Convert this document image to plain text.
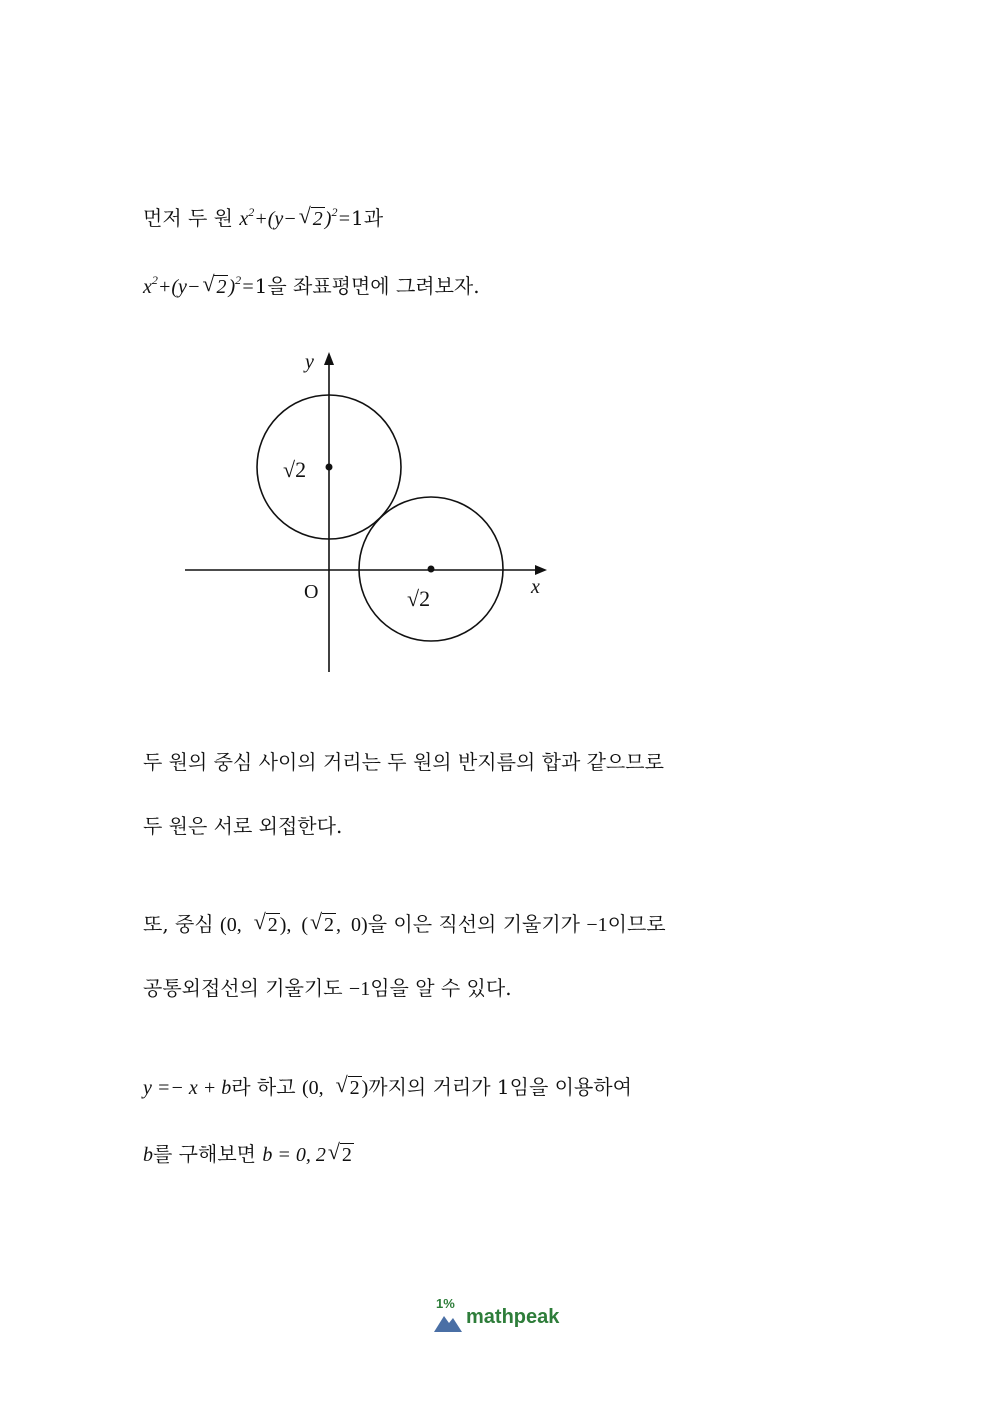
먼저 두 원 $x^2+(y-$ √ 2 )$^2$=1과
$x^2+(y-$ √ 2 )$^2$=1을 좌표평면에 그려보자.
y
x
O
√2
√2
두 원의 중심 사이의 거리는 두 원의 반지름의 합과 같으므로
두 원은 서로 외접한다.
또, 중심 (0, √ 2 ),  ( √ 2 ,  0)을 이은 직선의 기울기가 −1이므로
공통외접선의 기울기도 −1임을 알 수 있다.
y =− x + b라 하고 (0, √ 2 )까지의 거리가 1임을 이용하여
b를 구해보면 b = 0, 2 √ 2
1%
mathpeak
